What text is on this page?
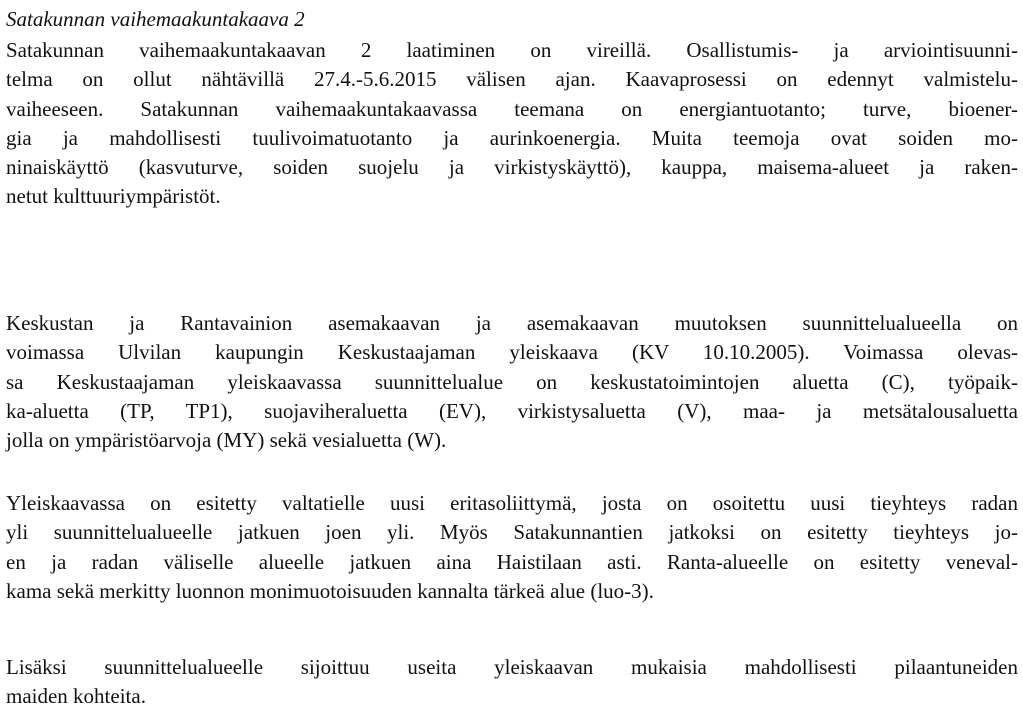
Satakunnan vaihemaakuntakaava 2

Satakunnan vaihemaakuntakaavan 2 laatiminen on vireillä. Osallistumis- ja arviointisuunni-
telma on ollut nähtävillä 27.4.-5.6.2015 välisen ajan. Kaavaprosessi on edennyt valmistelu-
vaiheeseen. Satakunnan vaihemaakuntakaavassa teemana on energiantuotanto; turve, bioener-
gia ja mahdollisesti tuulivoimatuotanto ja aurinkoenergia. Muita teemoja ovat soiden mo-
ninaiskäyttö (kasvuturve, soiden suojelu ja virkistyskäyttö), kauppa, maisema-alueet ja raken-
netut kulttuuriympäristöt.

Keskustan ja Rantavainion asemakaavan ja asemakaavan muutoksen suunnittelualueella on
voimassa Ulvilan kaupungin Keskustaajaman yleiskaava (KV 10.10.2005). Voimassa olevas-
sa Keskustaajaman yleiskaavassa suunnittelualue on keskustatoimintojen aluetta (C), työpaik-
ka-aluetta (TP, TP1), suojaviheraluetta (EV), virkistysaluetta (V), maa- ja metsätalousaluetta
jolla on ympäristöarvoja (MY) sekä vesialuetta (W).

Yleiskaavassa on esitetty valtatielle uusi eritasoliittymä, josta on osoitettu uusi tieyhteys radan
yli suunnittelualueelle jatkuen joen yli. Myös Satakunnantien jatkoksi on esitetty tieyhteys jo-
en ja radan väliselle alueelle jatkuen aina Haistilaan asti. Ranta-alueelle on esitetty veneval-
kama sekä merkitty luonnon monimuotoisuuden kannalta tärkeä alue (luo-3).

Lisäksi suunnittelualueelle sijoittuu useita yleiskaavan mukaisia mahdollisesti pilaantuneiden
maiden kohteita.
